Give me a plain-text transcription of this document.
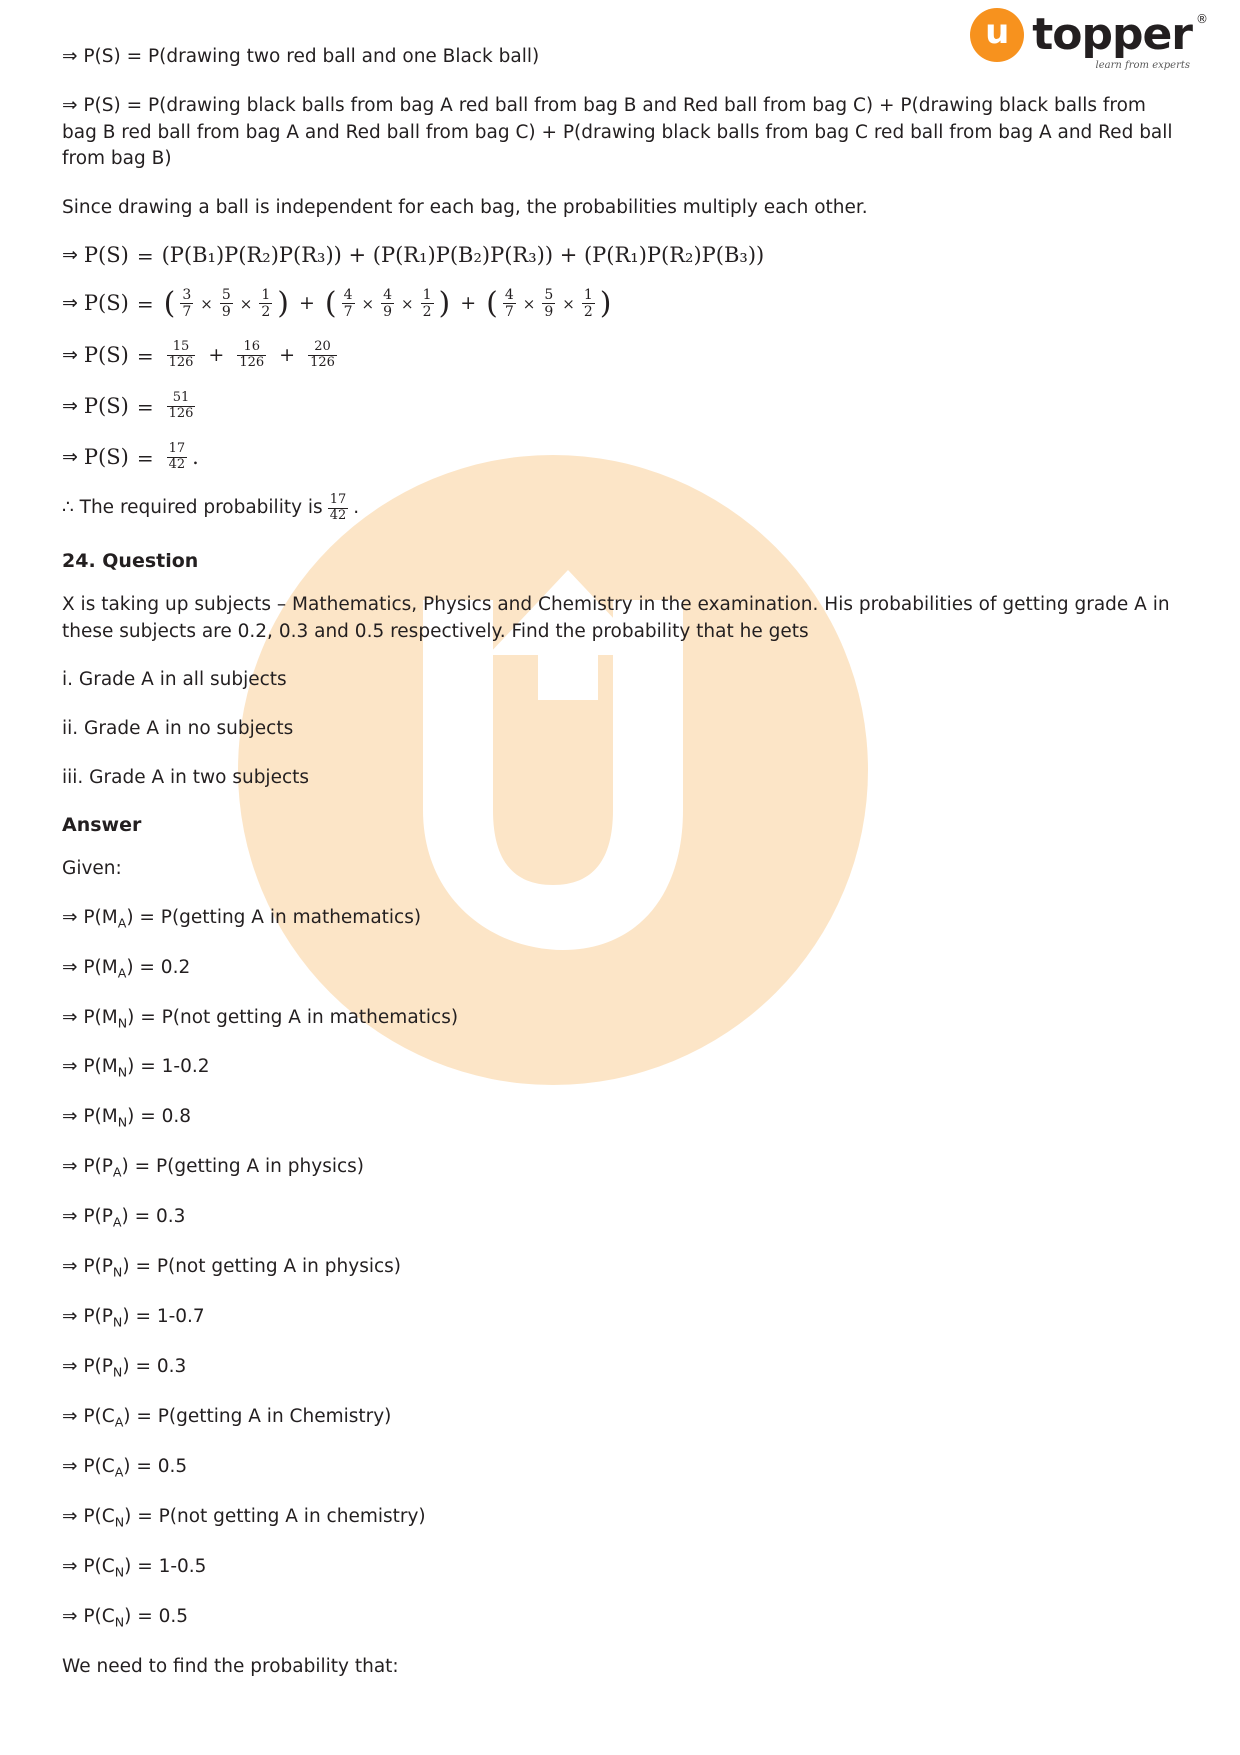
u topper ®
learn from experts

⇒ P(S) = P(drawing two red ball and one Black ball)

⇒ P(S) = P(drawing black balls from bag A red ball from bag B and Red ball from bag C) + P(drawing black balls from bag B red ball from bag A and Red ball from bag C) + P(drawing black balls from bag C red ball from bag A and Red ball from bag B)

Since drawing a ball is independent for each bag, the probabilities multiply each other.

⇒ P(S) = (P(B₁)P(R₂)P(R₃)) + (P(R₁)P(B₂)P(R₃)) + (P(R₁)P(R₂)P(B₃))
⇒ P(S) = ( $\frac{3}{7} \times \frac{5}{9} \times \frac{1}{2}$ ) + ( $\frac{4}{7} \times \frac{4}{9} \times \frac{1}{2}$ ) + ( $\frac{4}{7} \times \frac{5}{9} \times \frac{1}{2}$ )
⇒ $P(S) = \frac{15}{126} + \frac{16}{126} + \frac{20}{126}$
⇒ $P(S) = \frac{51}{126}$
⇒ $P(S) = \frac{17}{42}$ .

∴ The required probability is $\frac{17}{42}$ .

24. Question

X is taking up subjects – Mathematics, Physics and Chemistry in the examination. His probabilities of getting grade A in these subjects are 0.2, 0.3 and 0.5 respectively. Find the probability that he gets

i. Grade A in all subjects

ii. Grade A in no subjects

iii. Grade A in two subjects

Answer

Given:

⇒ $P(M_A)$ = P(getting A in mathematics)

⇒ $P(M_A) = 0.2$

⇒ $P(M_N) = P(not$ getting A in mathematics)

⇒ $P(M_N) = 1-0.2$

⇒ $P(M_N) = 0.8$

⇒ $P(P_A)$ = P(getting A in physics)

⇒ $P(P_A) = 0.3$

⇒ $P(P_N) = P(not$ getting A in physics)

⇒ $P(P_N) = 1-0.7$

⇒ $P(P_N) = 0.3$

⇒ $P(C_A)$ = P(getting A in Chemistry)

⇒ $P(C_A) = 0.5$

⇒ $P(C_N) = P(not$ getting A in chemistry)

⇒ $P(C_N) = 1-0.5$

⇒ $P(C_N) = 0.5$

We need to find the probability that:
